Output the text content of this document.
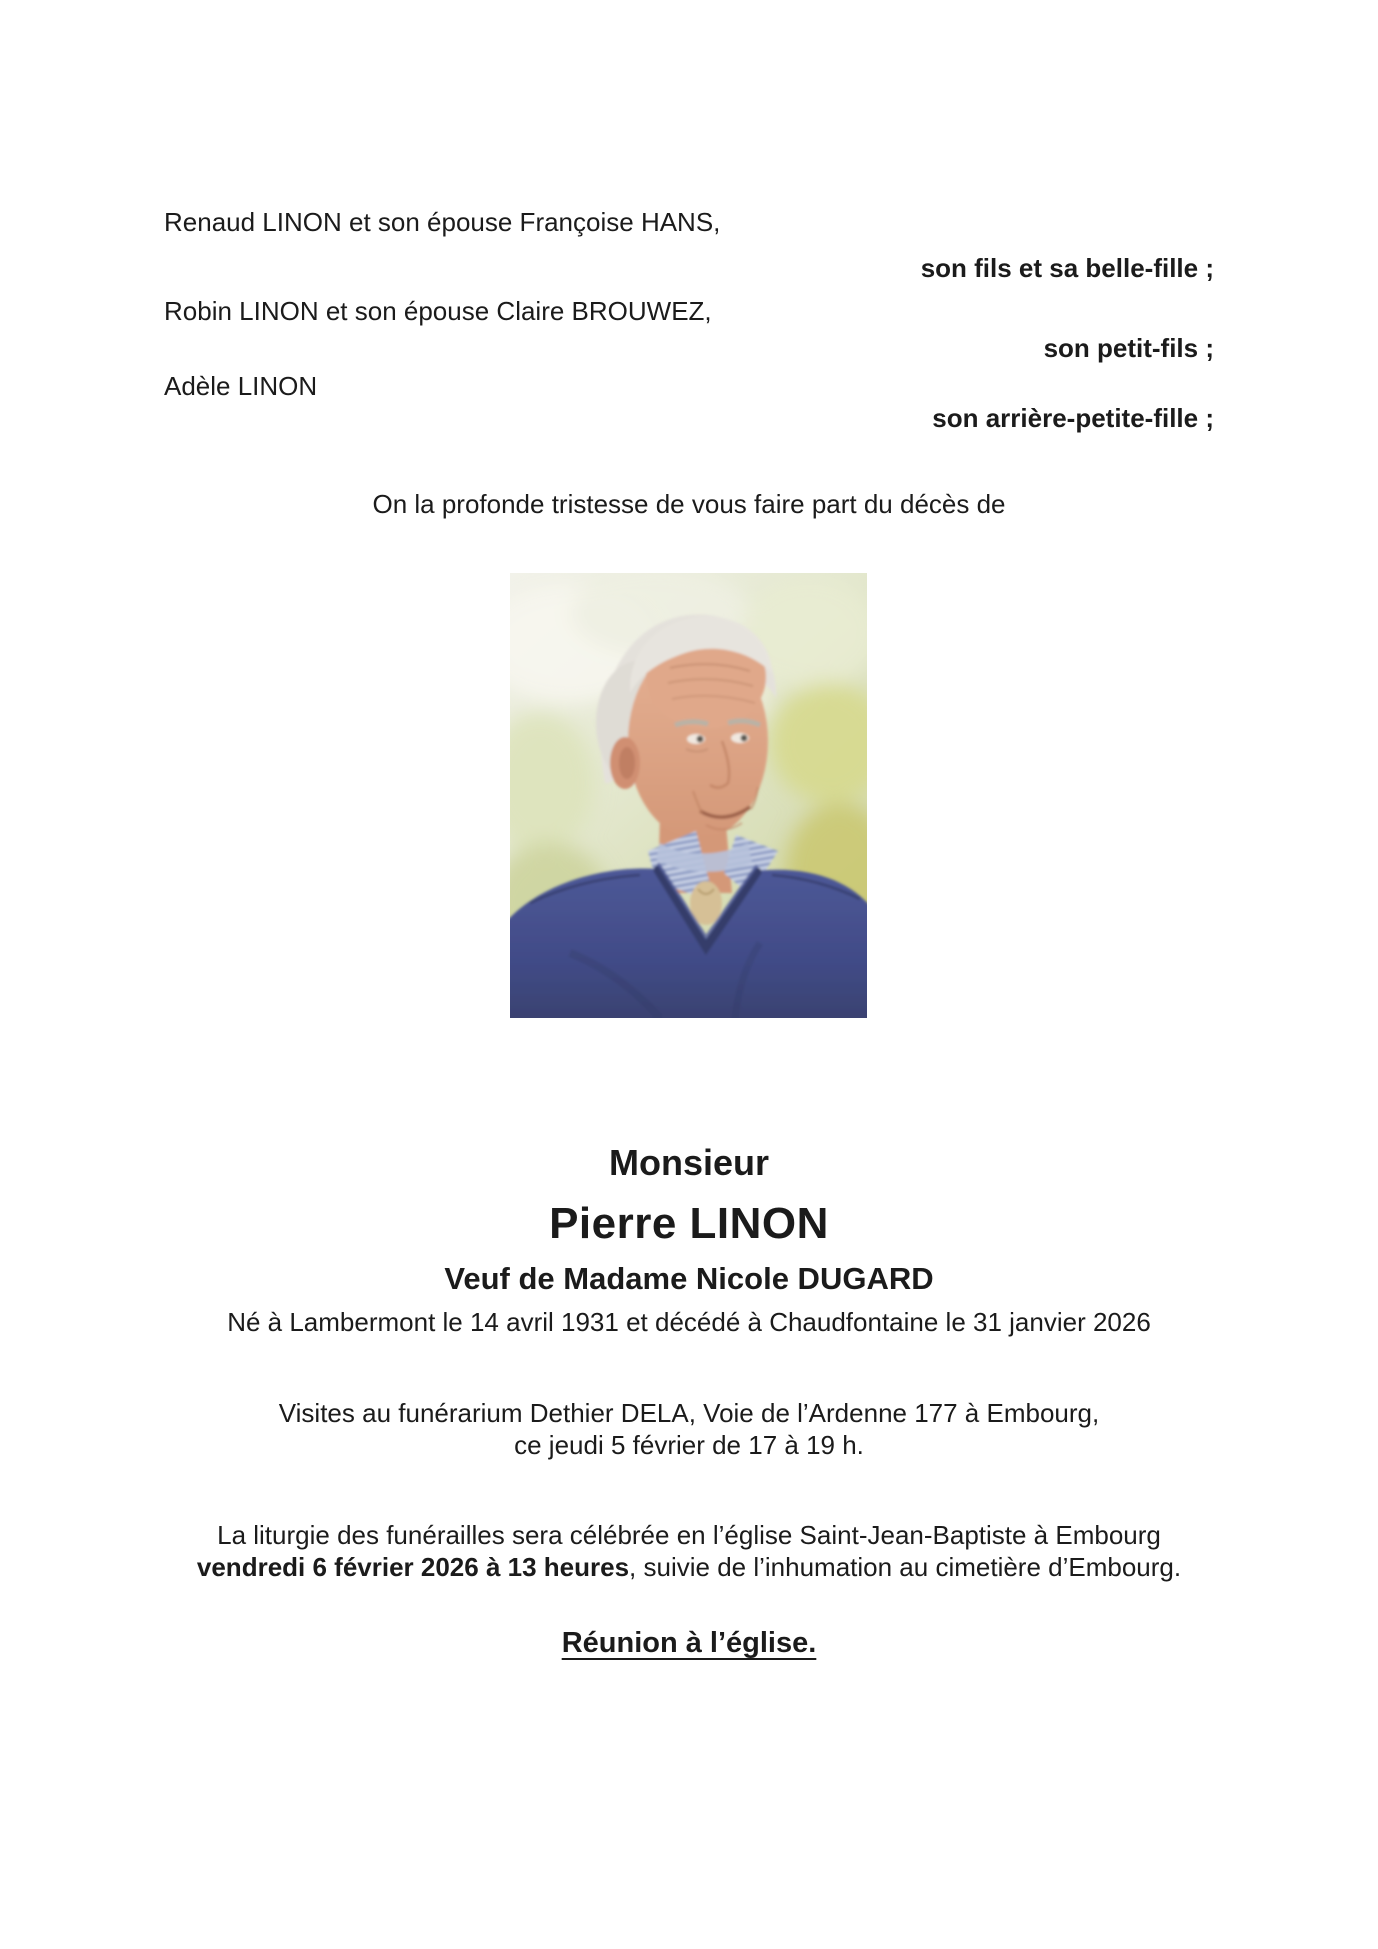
Renaud LINON et son épouse Françoise HANS,
son fils et sa belle-fille ;
Robin LINON et son épouse Claire BROUWEZ,
son petit-fils ;
Adèle LINON
son arrière-petite-fille ;
On la profonde tristesse de vous faire part du décès de
Monsieur
Pierre LINON
Veuf de Madame Nicole DUGARD
Né à Lambermont le 14 avril 1931 et décédé à Chaudfontaine le 31 janvier 2026
Visites au funérarium Dethier DELA, Voie de l’Ardenne 177 à Embourg,
ce jeudi 5 février de 17 à 19 h.
La liturgie des funérailles sera célébrée en l’église Saint-Jean-Baptiste à Embourg
vendredi 6 février 2026 à 13 heures, suivie de l’inhumation au cimetière d’Embourg.
Réunion à l’église.
